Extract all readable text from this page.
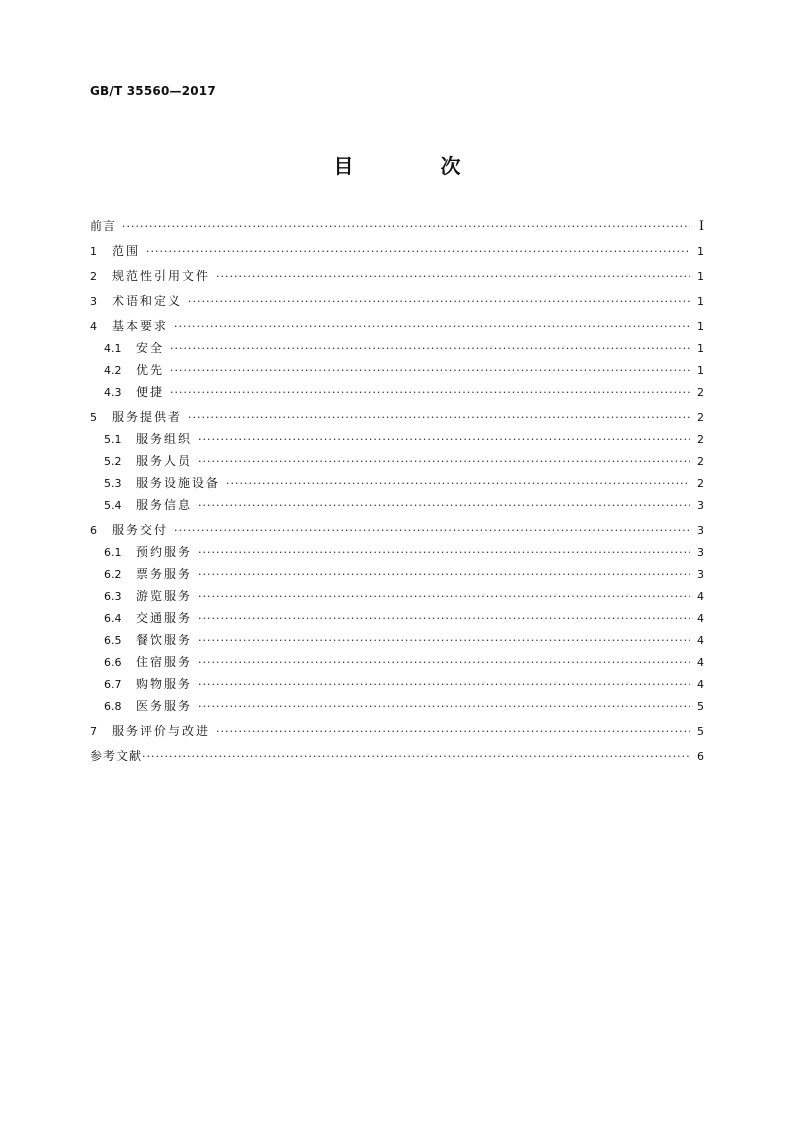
GB/T 35560—2017
目 次
前言 ·····	I
1	范围 ·····	1
2	规范性引用文件 ·····	1
3	术语和定义 ·····	1
4	基本要求 ·····	1
4.1	安全 ·····	1
4.2	优先 ·····	1
4.3	便捷 ·····	2
5	服务提供者 ·····	2
5.1	服务组织 ·····	2
5.2	服务人员 ·····	2
5.3	服务设施设备 ·····	2
5.4	服务信息 ·····	3
6	服务交付 ·····	3
6.1	预约服务 ·····	3
6.2	票务服务 ·····	3
6.3	游览服务 ·····	4
6.4	交通服务 ·····	4
6.5	餐饮服务 ·····	4
6.6	住宿服务 ·····	4
6.7	购物服务 ·····	4
6.8	医务服务 ·····	5
7	服务评价与改进 ·····	5
参考文献 ·····	6
